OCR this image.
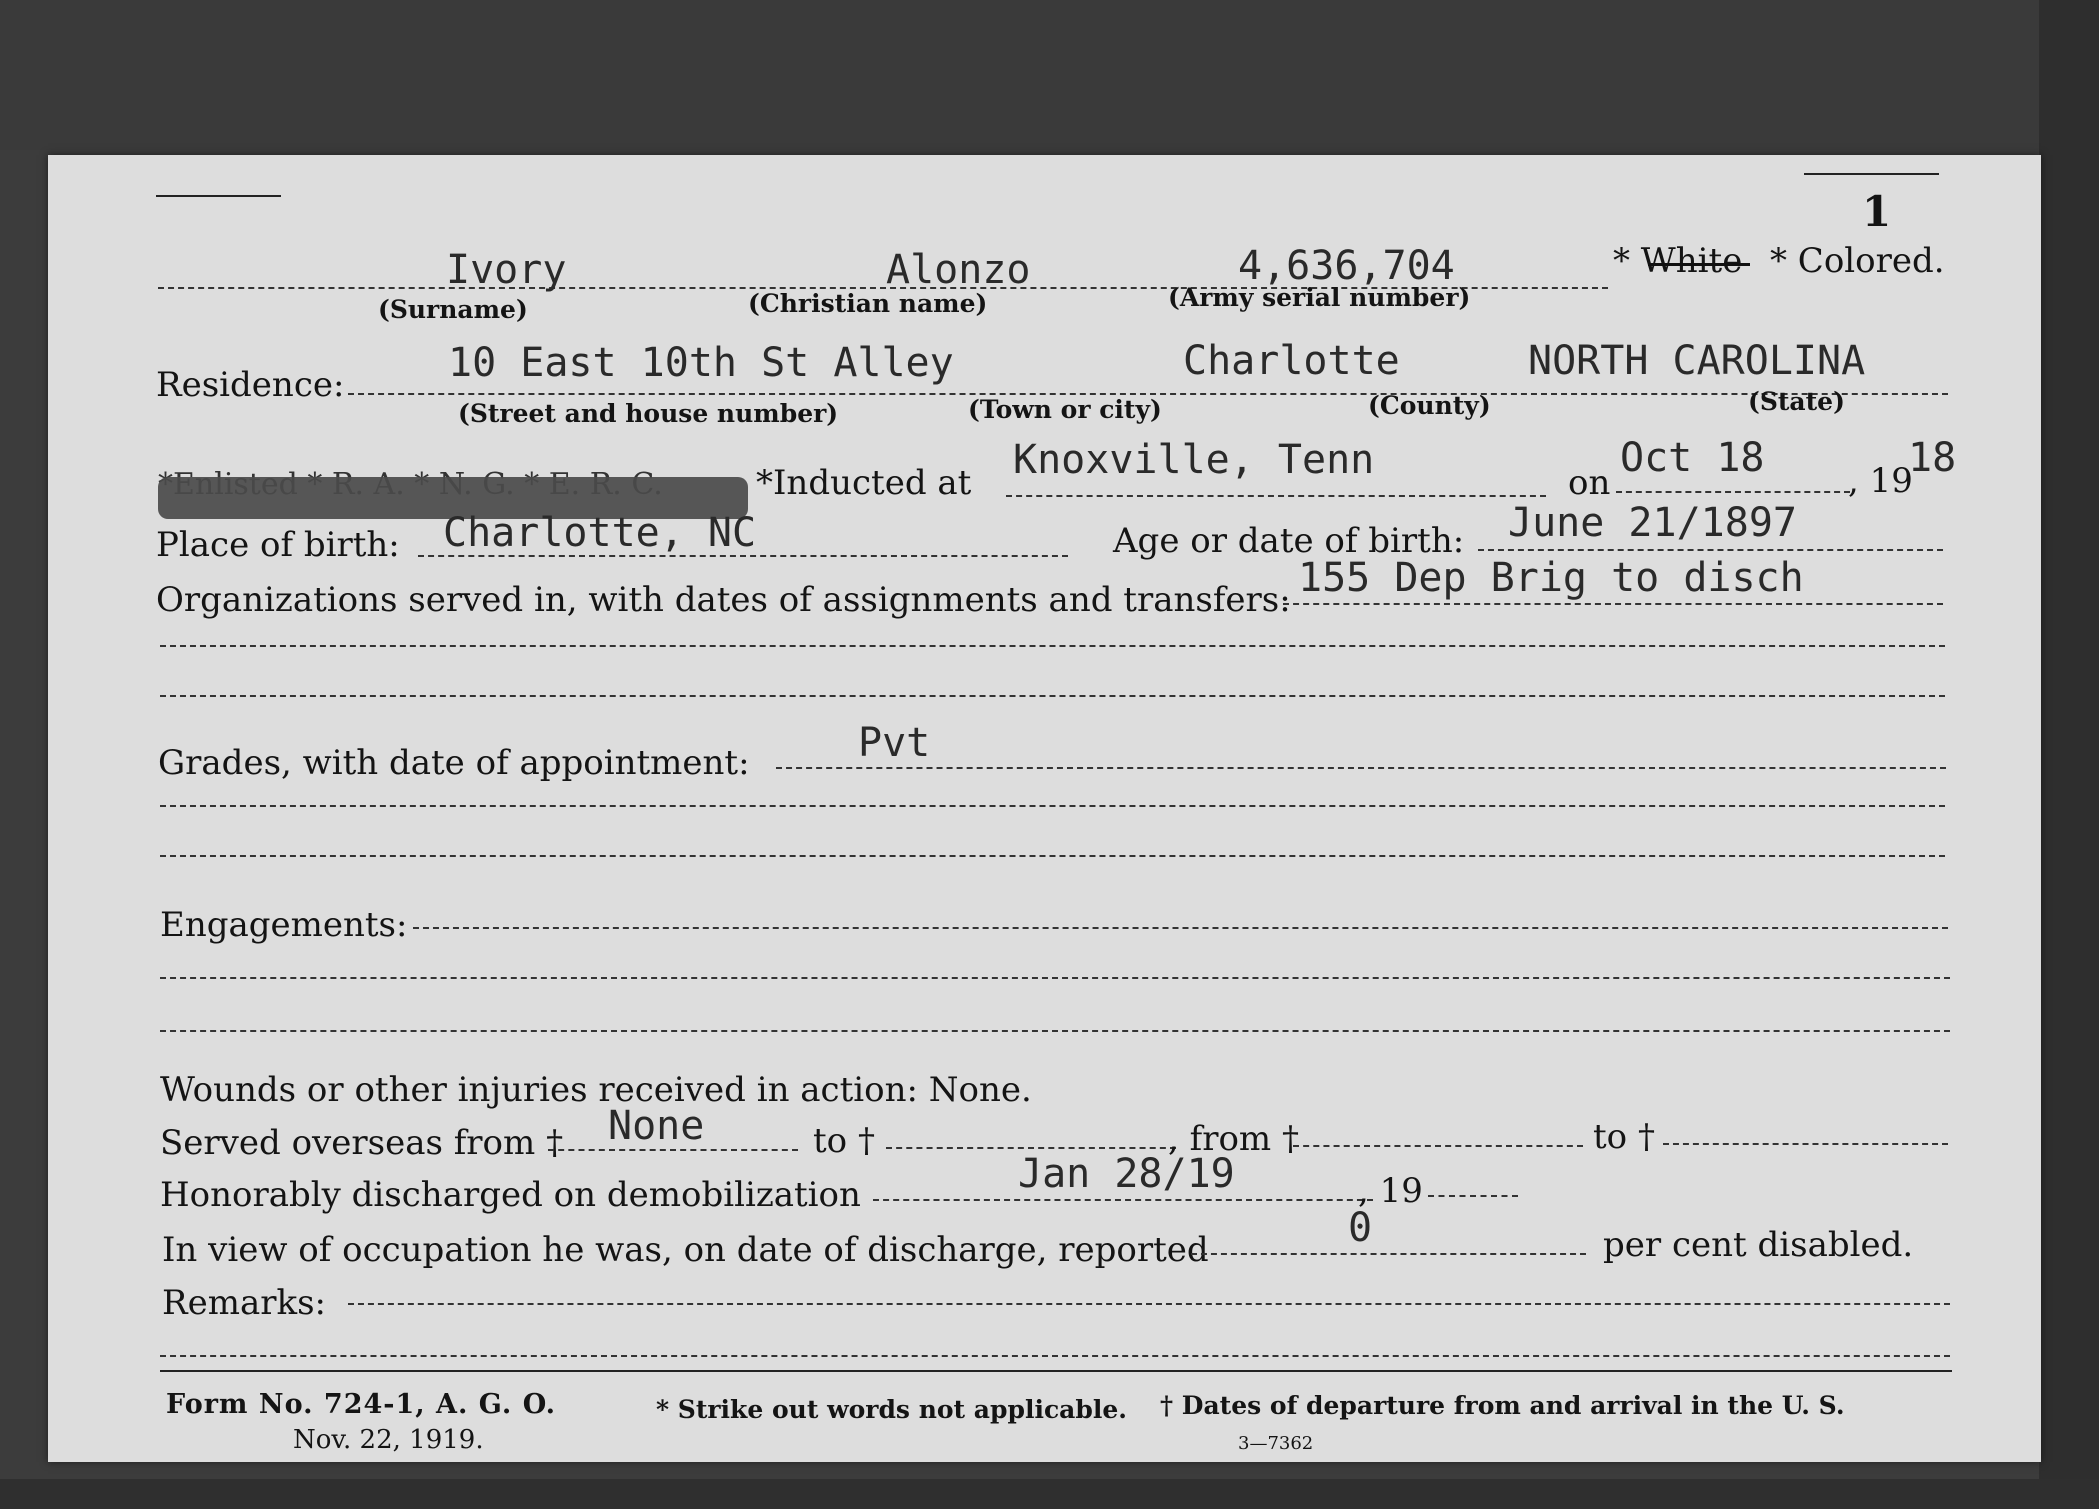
1
Ivory	Alonzo	4,636,704	* White * Colored.
(Surname)	(Christian name)	(Army serial number)
Residence:	10 East 10th St Alley	Charlotte	NORTH CAROLINA
(Street and house number)	(Town or city)	(County)	(State)
*Inducted at Knoxville, Tenn	on
Oct 18 , 19
18
Place of birth: Charlotte, NC	Age or date of birth: June 21/1897
Organizations served in, with dates of assignments and transfers: 155 Dep Brig to disch
Grades, with date of appointment:	Pvt
Engagements:
Wounds or other injuries received in action: None.
Served overseas from † None	to †	, from †	to †
Honorably discharged on demobilization	Jan 28/19	, 19
In view of occupation he was, on date of discharge, reported	0	per cent disabled.
Remarks:
Form No. 724-1, A. G. O.
Nov. 22, 1919.
* Strike out words not applicable. † Dates of departure from and arrival in the U. S.
3—7362
